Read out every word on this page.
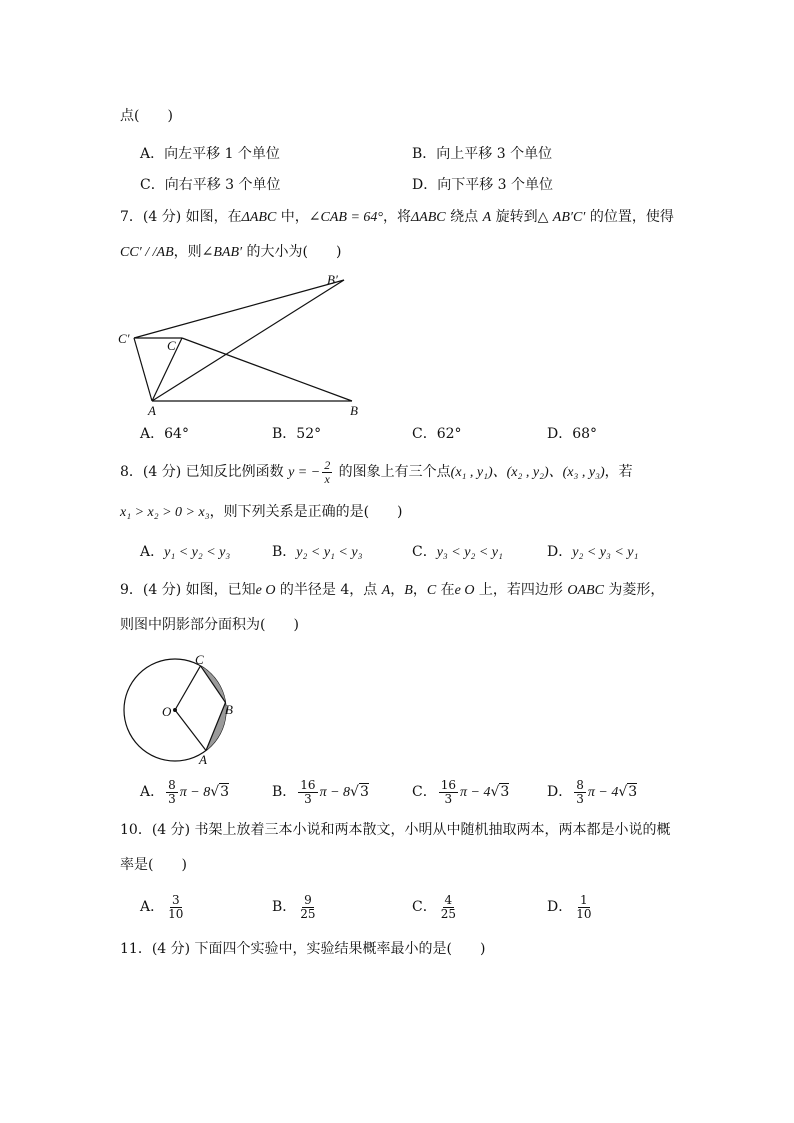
点(　　)
A．向左平移 1 个单位	B．向上平移 3 个单位
C．向右平移 3 个单位	D．向下平移 3 个单位
7．(4 分) 如图，在ΔABC 中，∠CAB = 64°，将ΔABC 绕点 A 旋转到△ AB′C′ 的位置，使得
CC′ / /AB，则∠BAB′ 的大小为(　　)
B′
C′	C
A	B
A．64°	B．52°	C．62°	D．68°
8．(4 分) 已知反比例函数 y = − $\frac{2}{x}$ 的图象上有三个点(x₁ , y₁)、(x₂ , y₂)、(x₃ , y₃)，若
x₁ > x₂ > 0 > x₃，则下列关系是正确的是(　　)
A．y₁ < y₂ < y₃	B．y₂ < y₁ < y₃	C．y₃ < y₂ < y₁	D．y₂ < y₃ < y₁
9．(4 分) 如图，已知e O 的半径是 4，点 A，B，C 在e O 上，若四边形 OABC 为菱形，
则图中阴影部分面积为(　　)
O
C
B
A
A． $\frac{8}{3}$ π − 8√3	B． $\frac{16}{3}$ π − 8√3	C． $\frac{16}{3}$ π − 4√3	D． $\frac{8}{3}$ π − 4√3
10．(4 分) 书架上放着三本小说和两本散文，小明从中随机抽取两本，两本都是小说的概
率是(　　)
A． $\frac{3}{10}$	B． $\frac{9}{25}$	C． $\frac{4}{25}$	D． $\frac{1}{10}$
11．(4 分) 下面四个实验中，实验结果概率最小的是(　　)
